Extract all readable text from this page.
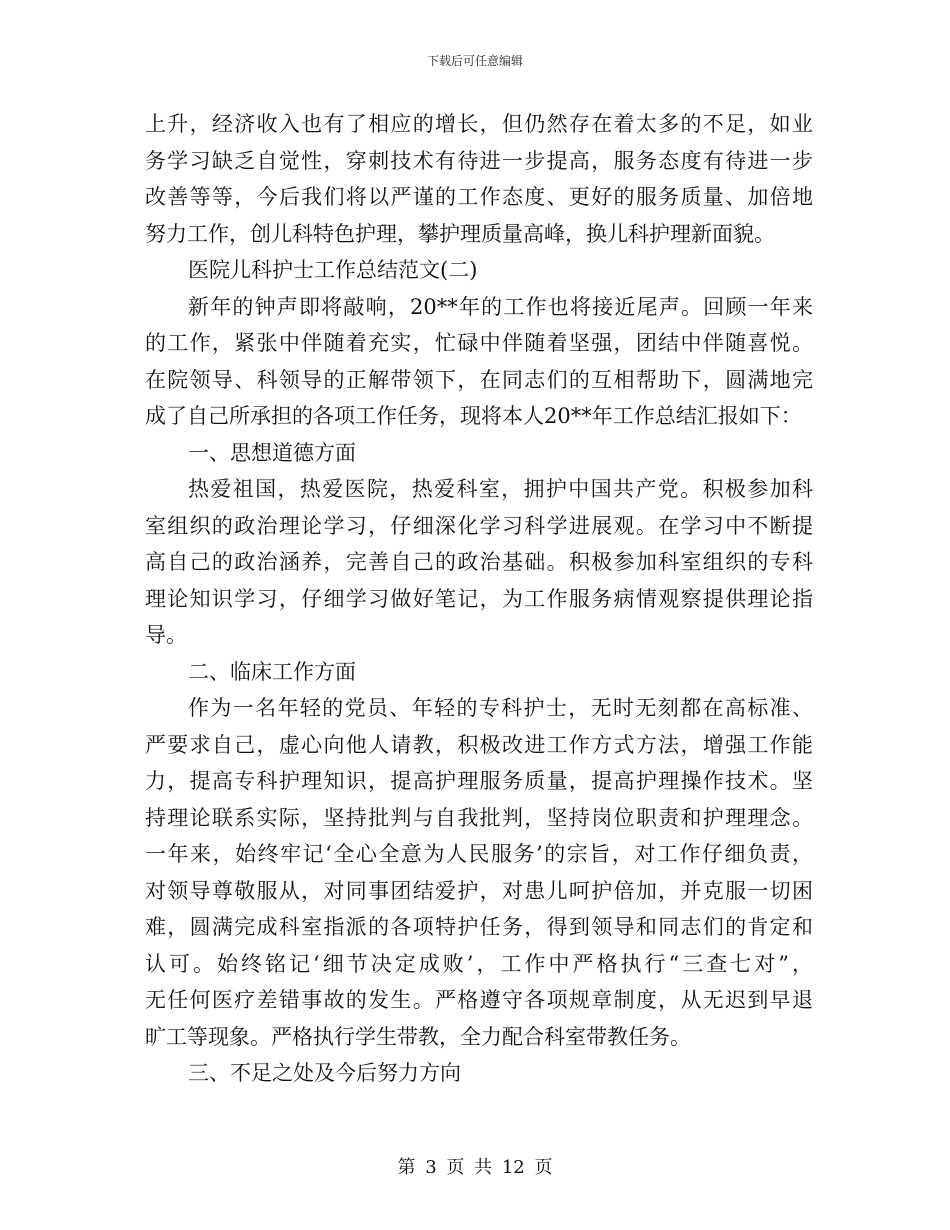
下载后可任意编辑
上升，经济收入也有了相应的增长，但仍然存在着太多的不足，如业
务学习缺乏自觉性，穿刺技术有待进一步提高，服务态度有待进一步
改善等等，今后我们将以严谨的工作态度、更好的服务质量、加倍地
努力工作，创儿科特色护理，攀护理质量高峰，换儿科护理新面貌。
医院儿科护士工作总结范文(二)
新年的钟声即将敲响，20**年的工作也将接近尾声。回顾一年来
的工作，紧张中伴随着充实，忙碌中伴随着坚强，团结中伴随喜悦。
在院领导、科领导的正解带领下，在同志们的互相帮助下，圆满地完
成了自己所承担的各项工作任务，现将本人20**年工作总结汇报如下：
一、思想道德方面
热爱祖国，热爱医院，热爱科室，拥护中国共产党。积极参加科
室组织的政治理论学习，仔细深化学习科学进展观。在学习中不断提
高自己的政治涵养，完善自己的政治基础。积极参加科室组织的专科
理论知识学习，仔细学习做好笔记，为工作服务病情观察提供理论指
导。
二、临床工作方面
作为一名年轻的党员、年轻的专科护士，无时无刻都在高标准、
严要求自己，虚心向他人请教，积极改进工作方式方法，增强工作能
力，提高专科护理知识，提高护理服务质量，提高护理操作技术。坚
持理论联系实际，坚持批判与自我批判，坚持岗位职责和护理理念。
一年来，始终牢记‘全心全意为人民服务’的宗旨，对工作仔细负责，
对领导尊敬服从，对同事团结爱护，对患儿呵护倍加，并克服一切困
难，圆满完成科室指派的各项特护任务，得到领导和同志们的肯定和
认可。始终铭记‘细节决定成败’，工作中严格执行“三查七对”，
无任何医疗差错事故的发生。严格遵守各项规章制度，从无迟到早退
旷工等现象。严格执行学生带教，全力配合科室带教任务。
三、不足之处及今后努力方向
第 3 页 共 12 页
